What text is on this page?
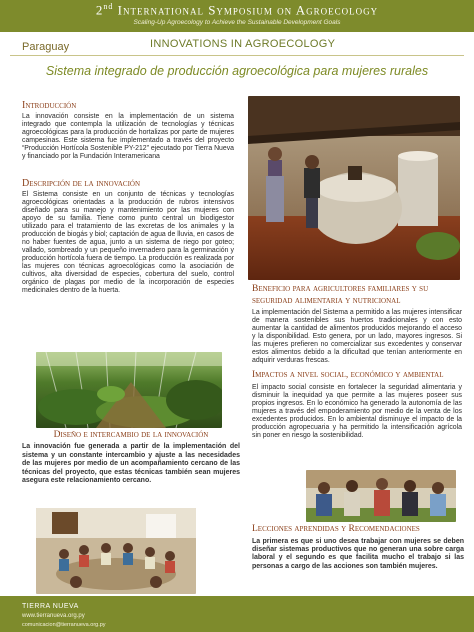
2nd International Symposium on Agroecology
Scaling-Up Agroecology to Achieve the Sustainable Development Goals
Paraguay	INNOVATIONS IN AGROECOLOGY
Sistema integrado de producción agroecológica para mujeres rurales
Introducción
La innovación consiste en la implementación de un sistema integrado que contempla la utilización de tecnologías y técnicas agroecológicas para la producción de hortalizas por parte de mujeres campesinas. Este sistema fue implementado a través del proyecto “Producción Hortícola Sostenible PY-212” ejecutado por Tierra Nueva y financiado por la Fundación Interamericana
Descripción de la innovación
El Sistema consiste en un conjunto de técnicas y tecnologías agroecológicas orientadas a la producción de rubros intensivos diseñado para su manejo y mantenimiento por las mujeres con apoyo de su familia. Tiene como punto central un biodigestor utilizado para el tratamiento de las excretas de los animales y la producción de biogás y biol; captación de agua de lluvia, en casos de no haber fuentes de agua, junto a un sistema de riego por goteo; vallado, sombreado y un pequeño invernadero para la germinación y producción hortícola fuera de tiempo. La producción es realizada por las mujeres con técnicas agroecológicas como la asociación de cultivos, alta diversidad de especies, cobertura del suelo, control orgánico de plagas por medio de la incorporación de especies medicinales dentro de la huerta.
Diseño e intercambio de la innovación
La innovación fue generada a partir de la implementación del sistema y un constante intercambio y ajuste a las necesidades de las mujeres por medio de un acompañamiento cercano de las técnicas del proyecto, que estas técnicas también sean mujeres asegura este relacionamiento cercano.
Beneficio para agricultores familiares y su seguridad alimentaria y nutricional
La implementación del Sistema a permitido a las mujeres intensificar de manera sostenibles sus huertos tradicionales y con esto aumentar la cantidad de alimentos producidos mejorando el acceso y la disponibilidad. Esto genera, por un lado, mayores ingresos. Si las mujeres prefieren no comercializar sus excedentes y conservar estos alimentos debido a la dificultad que tenían anteriormente en adquirir verduras frescas.
Impactos a nivel social, económico y ambiental
El impacto social consiste en fortalecer la seguridad alimentaria y disminuir la inequidad ya que permite a las mujeres poseer sus propios ingresos. En lo económico ha generado la autonomía de las mujeres a través del empoderamiento por medio de la venta de los excedentes producidos. En lo ambiental disminuye el impacto de la producción agropecuaria y ha permitido la intensificación agrícola sin poner en riesgo la sostenibilidad.
Lecciones aprendidas y Recomendaciones
La primera es que si uno desea trabajar con mujeres se deben diseñar sistemas productivos que no generan una sobre carga laboral y el segundo es que facilita mucho el trabajo si las personas a cargo de las acciones son también mujeres.
TIERRA NUEVA
www.tierranueva.org.py
comunicacion@tierranueva.org.py
